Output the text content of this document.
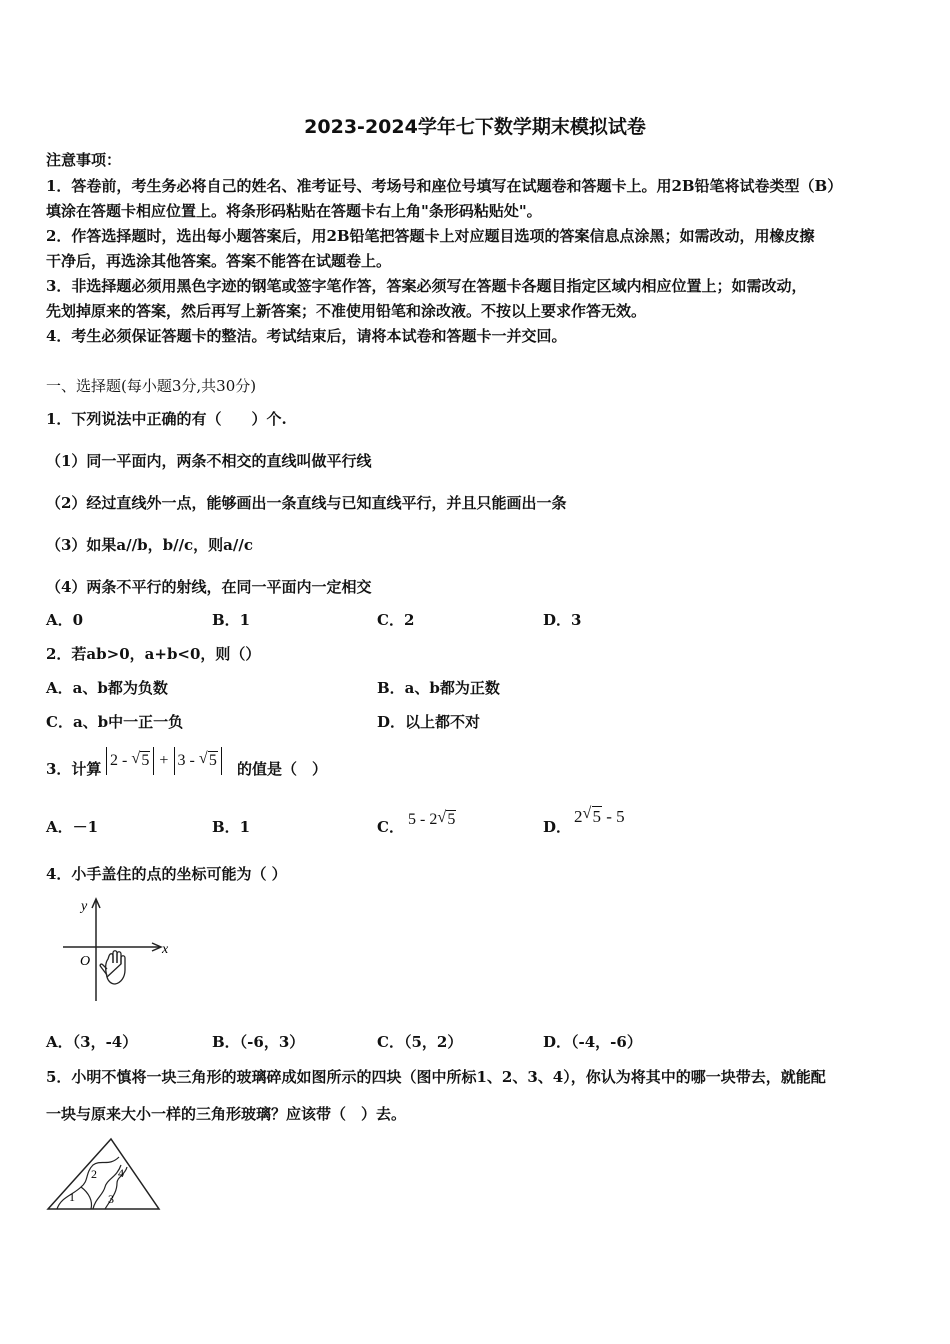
2023-2024学年七下数学期末模拟试卷
注意事项：
1．答卷前，考生务必将自己的姓名、准考证号、考场号和座位号填写在试题卷和答题卡上。用2B铅笔将试卷类型（B）
填涂在答题卡相应位置上。将条形码粘贴在答题卡右上角"条形码粘贴处"。
2．作答选择题时，选出每小题答案后，用2B铅笔把答题卡上对应题目选项的答案信息点涂黑；如需改动，用橡皮擦
干净后，再选涂其他答案。答案不能答在试题卷上。
3．非选择题必须用黑色字迹的钢笔或签字笔作答，答案必须写在答题卡各题目指定区域内相应位置上；如需改动，
先划掉原来的答案，然后再写上新答案；不准使用铅笔和涂改液。不按以上要求作答无效。
4．考生必须保证答题卡的整洁。考试结束后，请将本试卷和答题卡一并交回。
一、选择题(每小题3分,共30分)
1．下列说法中正确的有（　　）个.
（1）同一平面内，两条不相交的直线叫做平行线
（2）经过直线外一点，能够画出一条直线与已知直线平行，并且只能画出一条
（3）如果a//b，b//c，则a//c
（4）两条不平行的射线，在同一平面内一定相交
A．0	B．1	C．2	D．3
2．若ab>0，a+b<0，则（）
A．a、b都为负数	B．a、b都为正数
C．a、b中一正一负	D．以上都不对
3．计算 2 - √ 5 + 3 - √ 5	的值是（　）
A．－1	B．1	C． 5 - 2 √ 5	D．
2 √ 5 - 5
4．小手盖住的点的坐标可能为（ ）
y
x
O
A．（3，-4）	B．（-6，3）	C．（5，2）	D．（-4，-6）
5．小明不慎将一块三角形的玻璃碎成如图所示的四块（图中所标1、2、3、4），你认为将其中的哪一块带去，就能配
一块与原来大小一样的三角形玻璃？应该带（　）去。
1
2
3
4
